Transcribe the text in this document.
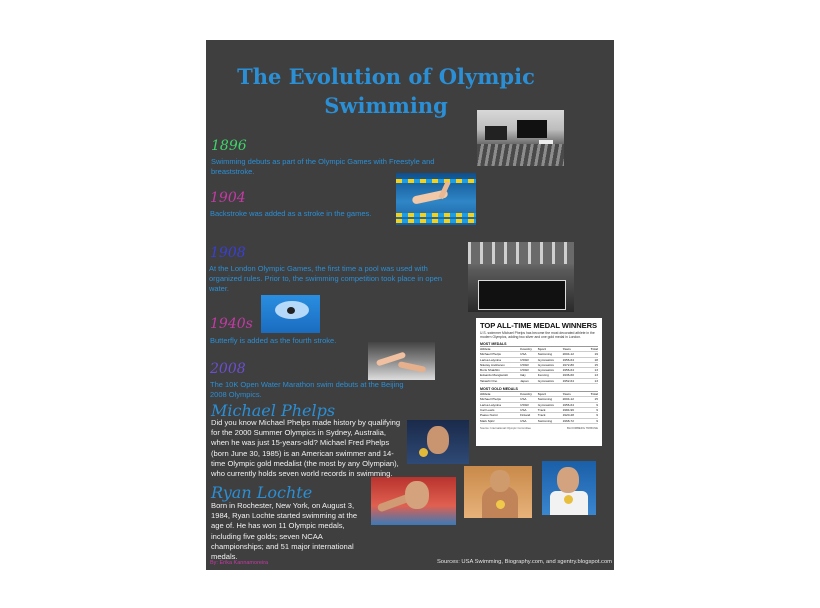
The Evolution of Olympic Swimming
1896
Swimming debuts as part of the Olympic Games with Freestyle and breaststroke.
1904
Backstroke was added as a stroke in the games.
1908
At the London Olympic Games, the first time a pool was used with organized rules. Prior to, the swimming competition took place in open water.
1940s
Butterfly is added as the fourth stroke.
2008
The 10K Open Water Marathon swim debuts at the Beijing 2008 Olympics.
Michael Phelps
Did you know Michael Phelps made history by qualifying for the 2000 Summer Olympics in Sydney, Australia, when he was just 15-years-old? Michael Fred Phelps (born June 30, 1985) is an American swimmer and 14-time Olympic gold medalist (the most by any Olympian), who currently holds seven world records in swimming.
Ryan Lochte
Born in Rochester, New York, on August 3, 1984, Ryan Lochte started swimming at the age of. He has won 11 Olympic medals, including five golds; seven NCAA championships; and 51 major international medals.
TOP ALL-TIME MEDAL WINNERS
U.S. swimmer Michael Phelps has become the most decorated athlete in the modern Olympics, adding two silver and one gold medal in London.
MOST MEDALS
Athlete	Country	Sport	Years	Total
Michael Phelps	USA	Swimming	2004-12	19
Larisa Latynina	USSR	Gymnastics	1956-64	18
Nikolay Andrianov	USSR	Gymnastics	1972-80	15
Boris Shakhlin	USSR	Gymnastics	1956-64	13
Edoardo Mangiarotti	Italy	Fencing	1936-60	13
Takashi Ono	Japan	Gymnastics	1952-64	13
MOST GOLD MEDALS
Athlete	Country	Sport	Years	Total
Michael Phelps	USA	Swimming	2004-12	15
Larisa Latynina	USSR	Gymnastics	1956-64	9
Carl Lewis	USA	Track	1984-96	9
Paavo Nurmi	Finland	Track	1920-28	9
Mark Spitz	USA	Swimming	1968-72	9
Source: International Olympic Committee	BLOOMBERG TRIBUNE
By: Erika Kannamoreira	Sources: USA Swimming, Biography.com, and sgentry.blogspot.com
